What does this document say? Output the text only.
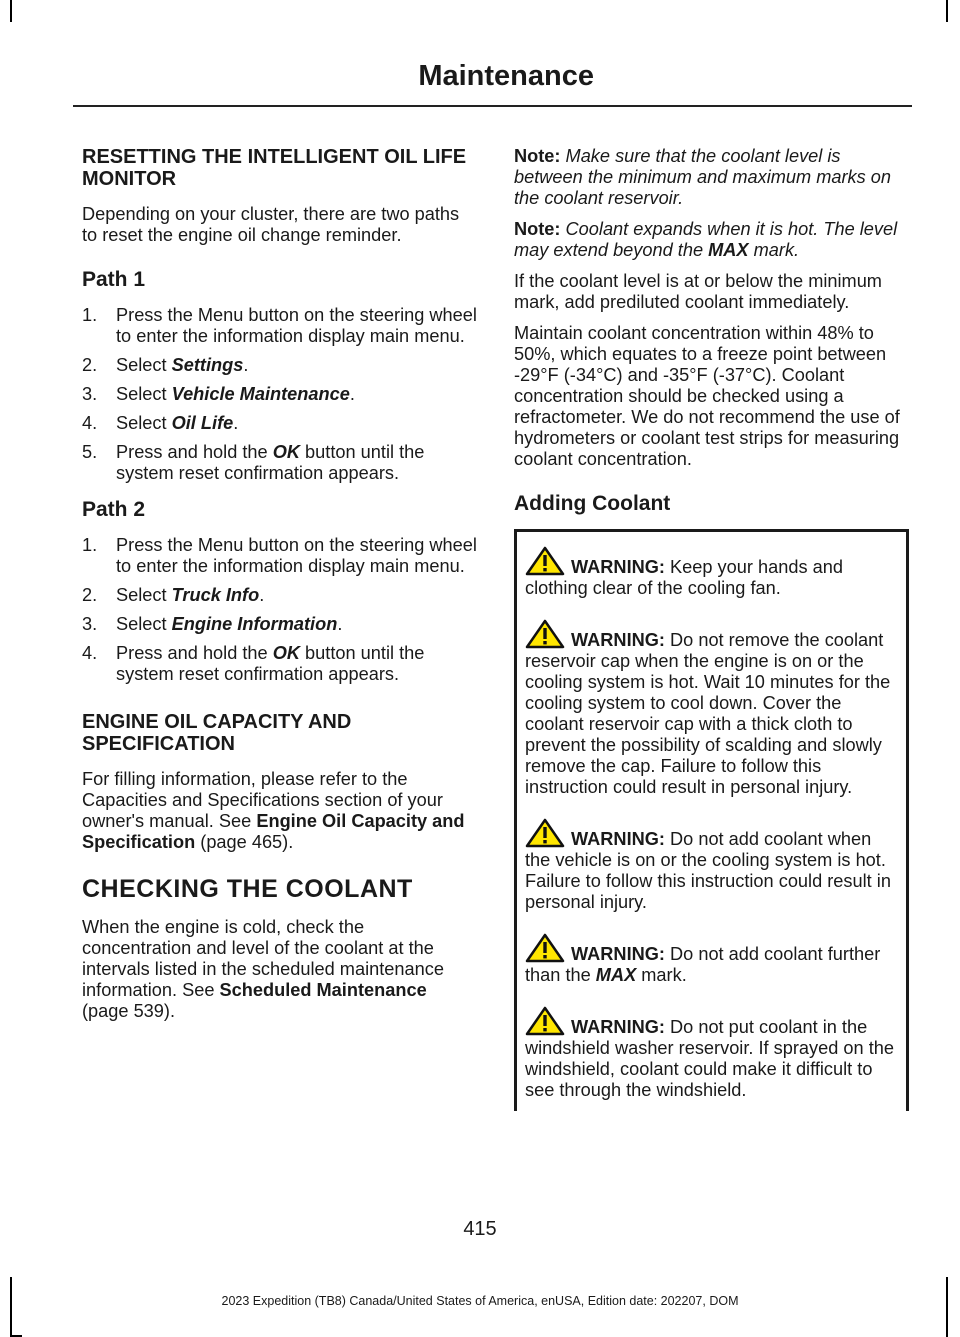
Maintenance
RESETTING THE INTELLIGENT OIL LIFE MONITOR

Depending on your cluster, there are two paths to reset the engine oil change reminder.

Path 1
1. Press the Menu button on the steering wheel to enter the information display main menu.
2. Select Settings.
3. Select Vehicle Maintenance.
4. Select Oil Life.
5. Press and hold the OK button until the system reset confirmation appears.
Path 2
1. Press the Menu button on the steering wheel to enter the information display main menu.
2. Select Truck Info.
3. Select Engine Information.
4. Press and hold the OK button until the system reset confirmation appears.
ENGINE OIL CAPACITY AND SPECIFICATION

For filling information, please refer to the Capacities and Specifications section of your owner's manual. See Engine Oil Capacity and Specification (page 465).

CHECKING THE COOLANT

When the engine is cold, check the concentration and level of the coolant at the intervals listed in the scheduled maintenance information. See Scheduled Maintenance (page 539).

Note: Make sure that the coolant level is between the minimum and maximum marks on the coolant reservoir.

Note: Coolant expands when it is hot. The level may extend beyond the MAX mark.

If the coolant level is at or below the minimum mark, add prediluted coolant immediately.

Maintain coolant concentration within 48% to 50%, which equates to a freeze point between -29°F (-34°C) and -35°F (-37°C). Coolant concentration should be checked using a refractometer. We do not recommend the use of hydrometers or coolant test strips for measuring coolant concentration.

Adding Coolant

WARNING: Keep your hands and clothing clear of the cooling fan.

WARNING: Do not remove the coolant reservoir cap when the engine is on or the cooling system is hot. Wait 10 minutes for the cooling system to cool down. Cover the coolant reservoir cap with a thick cloth to prevent the possibility of scalding and slowly remove the cap. Failure to follow this instruction could result in personal injury.

WARNING: Do not add coolant when the vehicle is on or the cooling system is hot. Failure to follow this instruction could result in personal injury.

WARNING: Do not add coolant further than the MAX mark.

WARNING: Do not put coolant in the windshield washer reservoir. If sprayed on the windshield, coolant could make it difficult to see through the windshield.

415
2023 Expedition (TB8) Canada/United States of America, enUSA, Edition date: 202207, DOM
